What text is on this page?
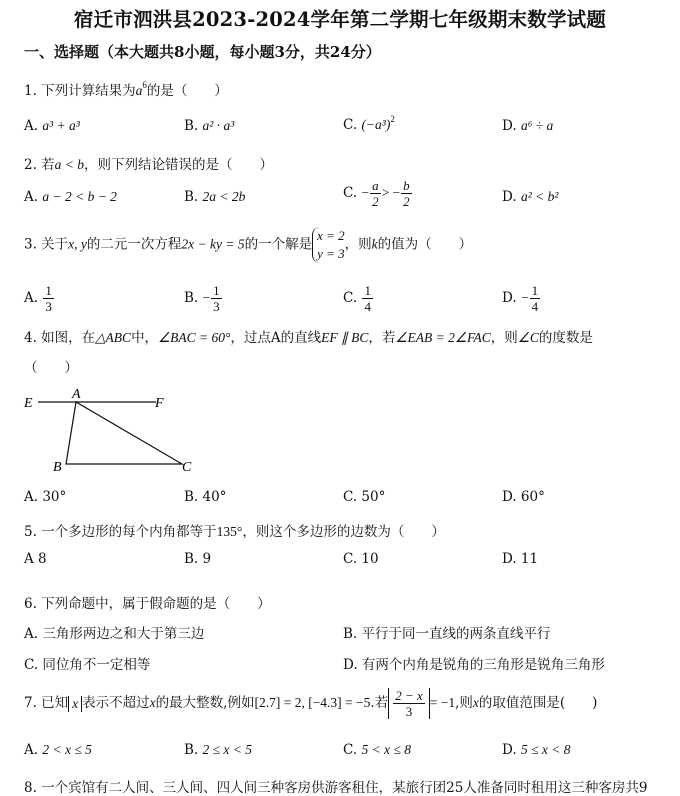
宿迁市泗洪县2023-2024学年第二学期七年级期末数学试题
一、选择题（本大题共8小题，每小题3分，共24分）
1. 下列计算结果为$a^6$的是（　　）
A. a³ + a³	B. a² · a³	C. $(-a^3)^2$	D. a⁶ ÷ a
2. 若a < b，则下列结论错误的是（　　）
A. a − 2 < b − 2	B. 2a < 2b	C. − $\frac{a}{2}$ > − $\frac{b}{2}$	D. a² < b²
3. 关于x, y的二元一次方程2x − ky = 5的一个解是
x = 2
y = 3
，则k的值为（　　）
A. $\frac{1}{3}$	B. − $\frac{1}{3}$	C. $\frac{1}{4}$	D. − $\frac{1}{4}$
4. 如图，在△ABC中，∠BAC = 60°，过点A的直线EF ∥ BC，若∠EAB = 2∠FAC，则∠C的度数是
（　　）
E
A
F
B	C
A. 30°	B. 40°	C. 50°	D. 60°
5. 一个多边形的每个内角都等于135°，则这个多边形的边数为（　　）
A 8	B. 9	C. 10	D. 11
6. 下列命题中，属于假命题的是（　　）
A. 三角形两边之和大于第三边	B. 平行于同一直线的两条直线平行
C. 同位角不一定相等	D. 有两个内角是锐角的三角形是锐角三角形
7. 已知 x 表示不超过x的最大整数,例如[2.7] = 2, [−4.3] = −5.若 $\frac{2 - x}{3} = -1$,则x的取值范围是(　　)
A. 2 < x ≤ 5	B. 2 ≤ x < 5	C. 5 < x ≤ 8	D. 5 ≤ x < 8
8. 一个宾馆有二人间、三人间、四人间三种客房供游客租住，某旅行团25人准备同时租用这三种客房共9
